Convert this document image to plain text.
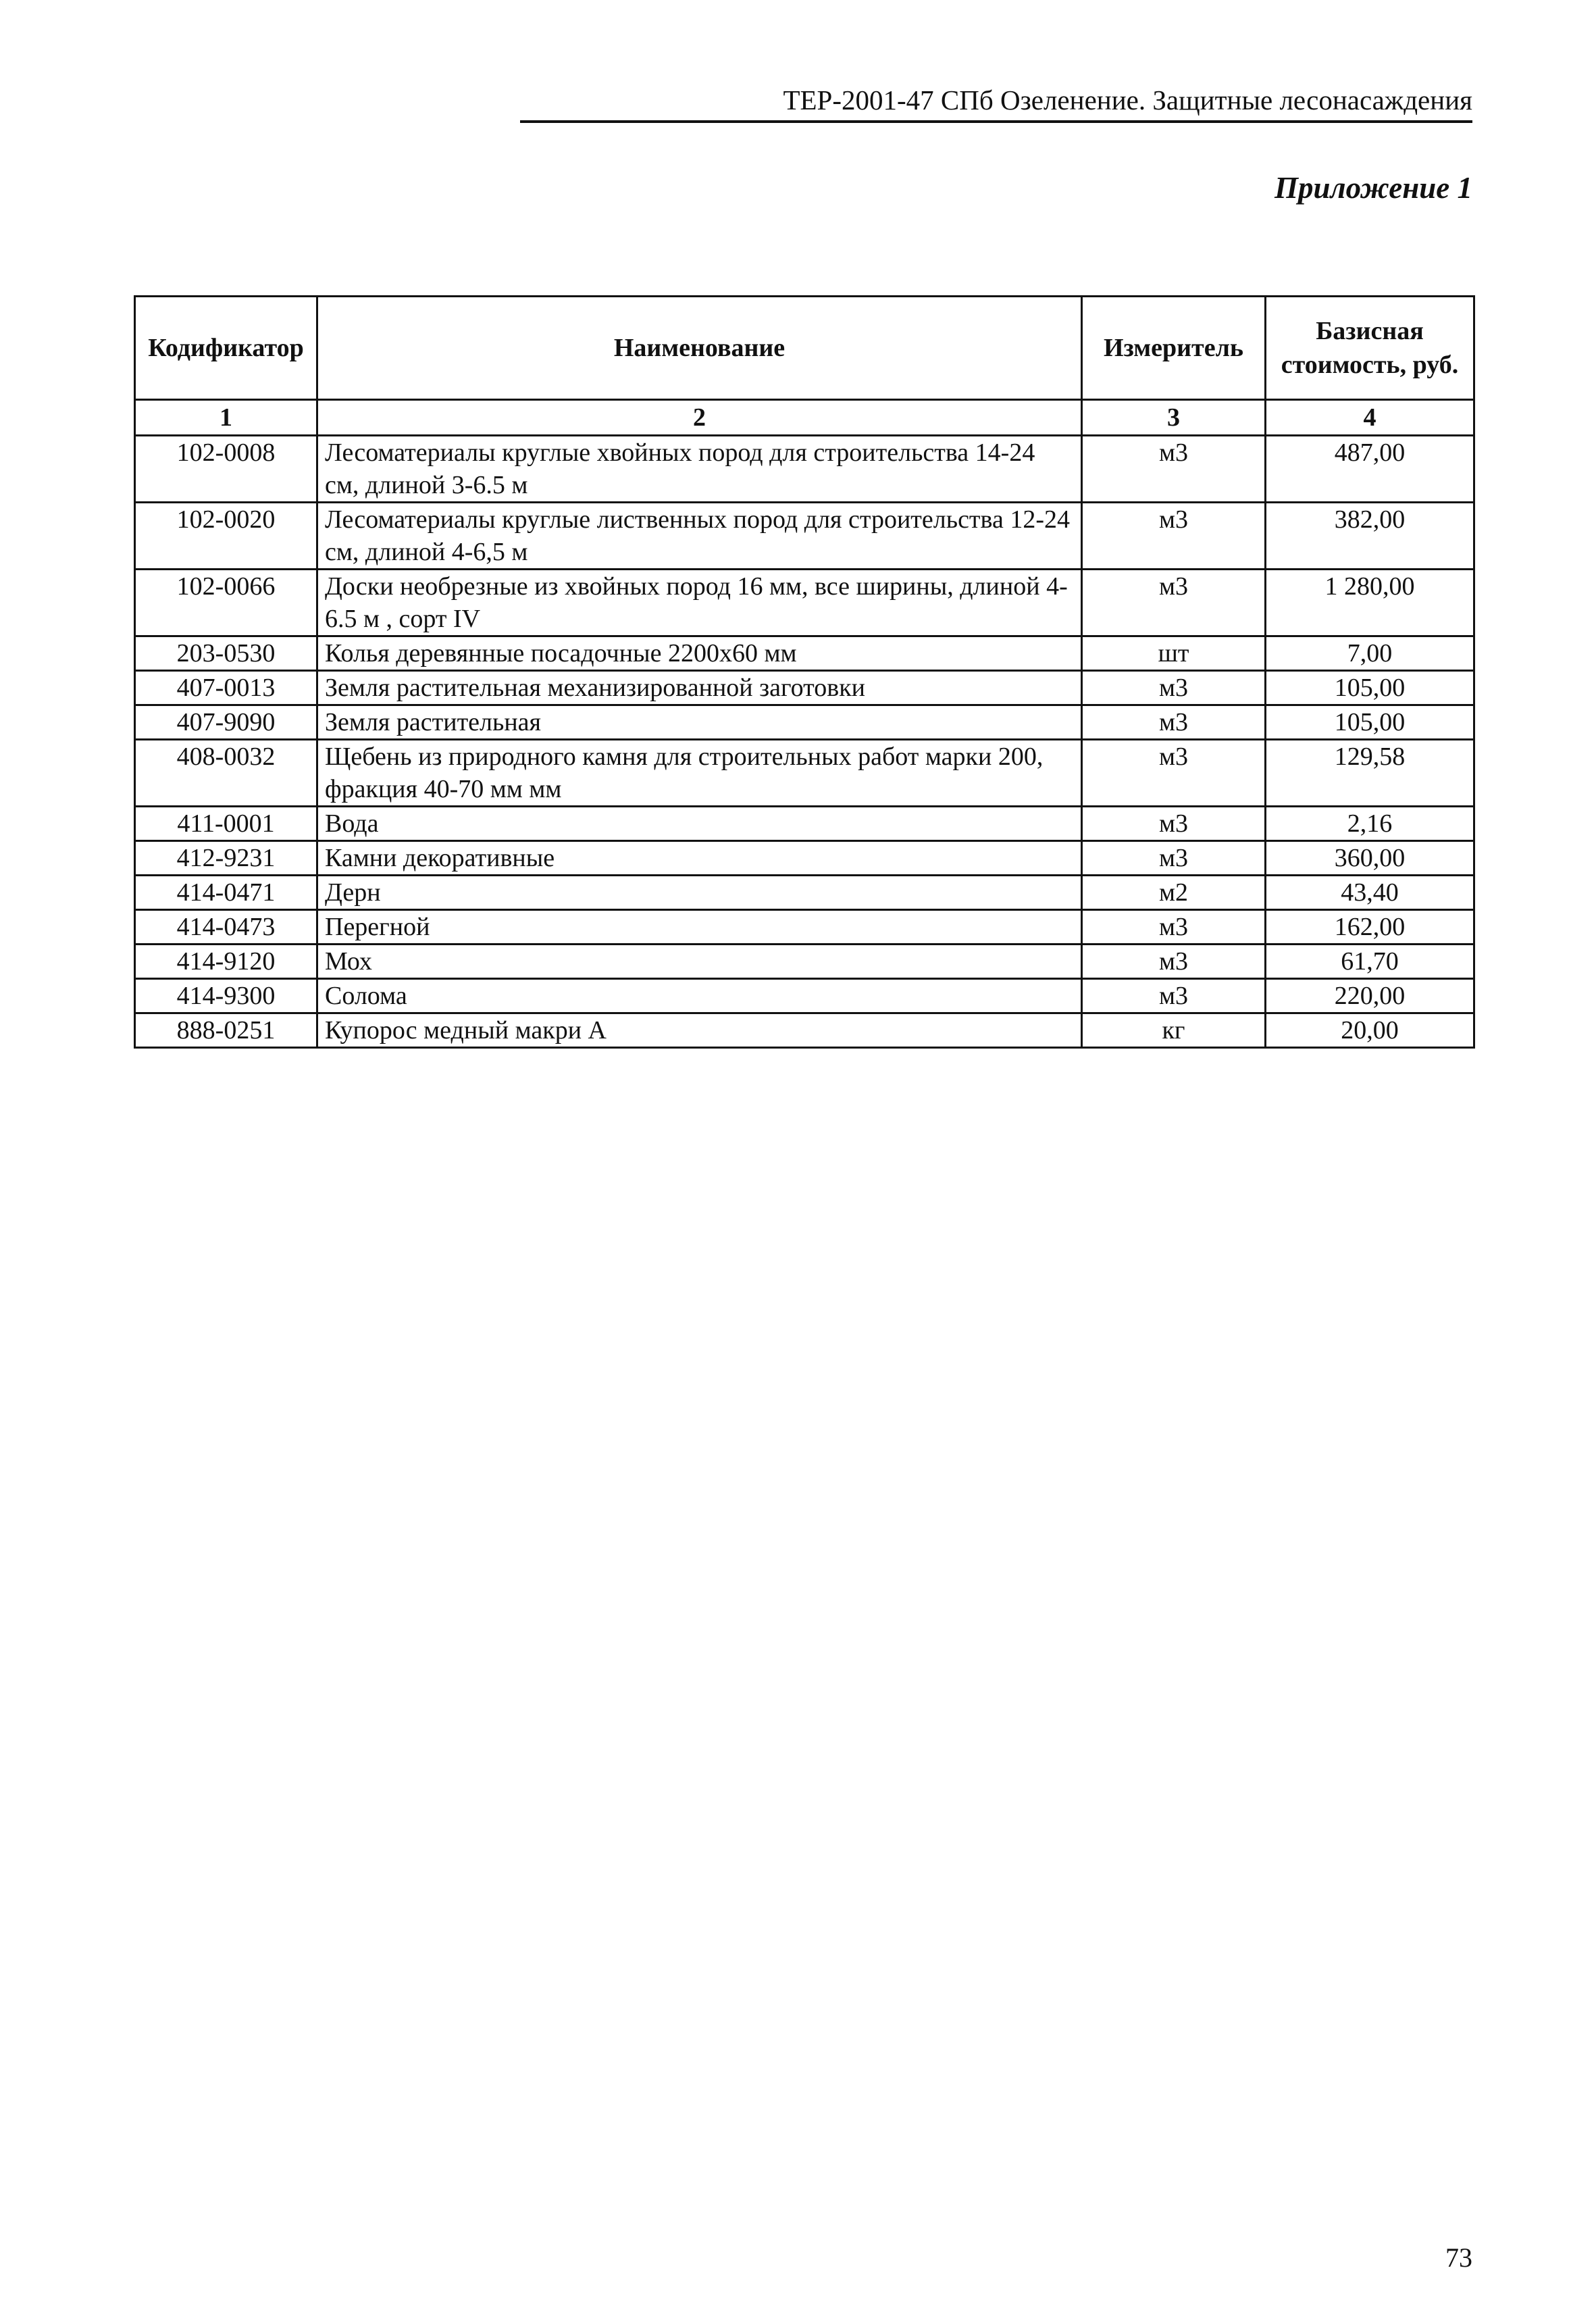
ТЕР-2001-47 СПб Озеленение. Защитные лесонасаждения
Приложение 1
Кодификатор	Наименование	Измеритель	Базисная стоимость, руб.
1	2	3	4
102-0008	Лесоматериалы круглые хвойных пород для строительства 14-24 см, длиной 3-6.5 м	м3	487,00
102-0020	Лесоматериалы круглые лиственных пород для строительства 12-24 см, длиной 4-6,5 м	м3	382,00
102-0066	Доски необрезные из хвойных пород 16 мм, все ширины, длиной 4-6.5 м , сорт IV	м3	1 280,00
203-0530	Колья деревянные посадочные 2200x60 мм	шт	7,00
407-0013	Земля растительная механизированной заготовки	м3	105,00
407-9090	Земля растительная	м3	105,00
408-0032	Щебень из природного камня для строительных работ марки 200, фракция 40-70 мм мм	м3	129,58
411-0001	Вода	м3	2,16
412-9231	Камни декоративные	м3	360,00
414-0471	Дерн	м2	43,40
414-0473	Перегной	м3	162,00
414-9120	Мох	м3	61,70
414-9300	Солома	м3	220,00
888-0251	Купорос медный макри А	кг	20,00
73
